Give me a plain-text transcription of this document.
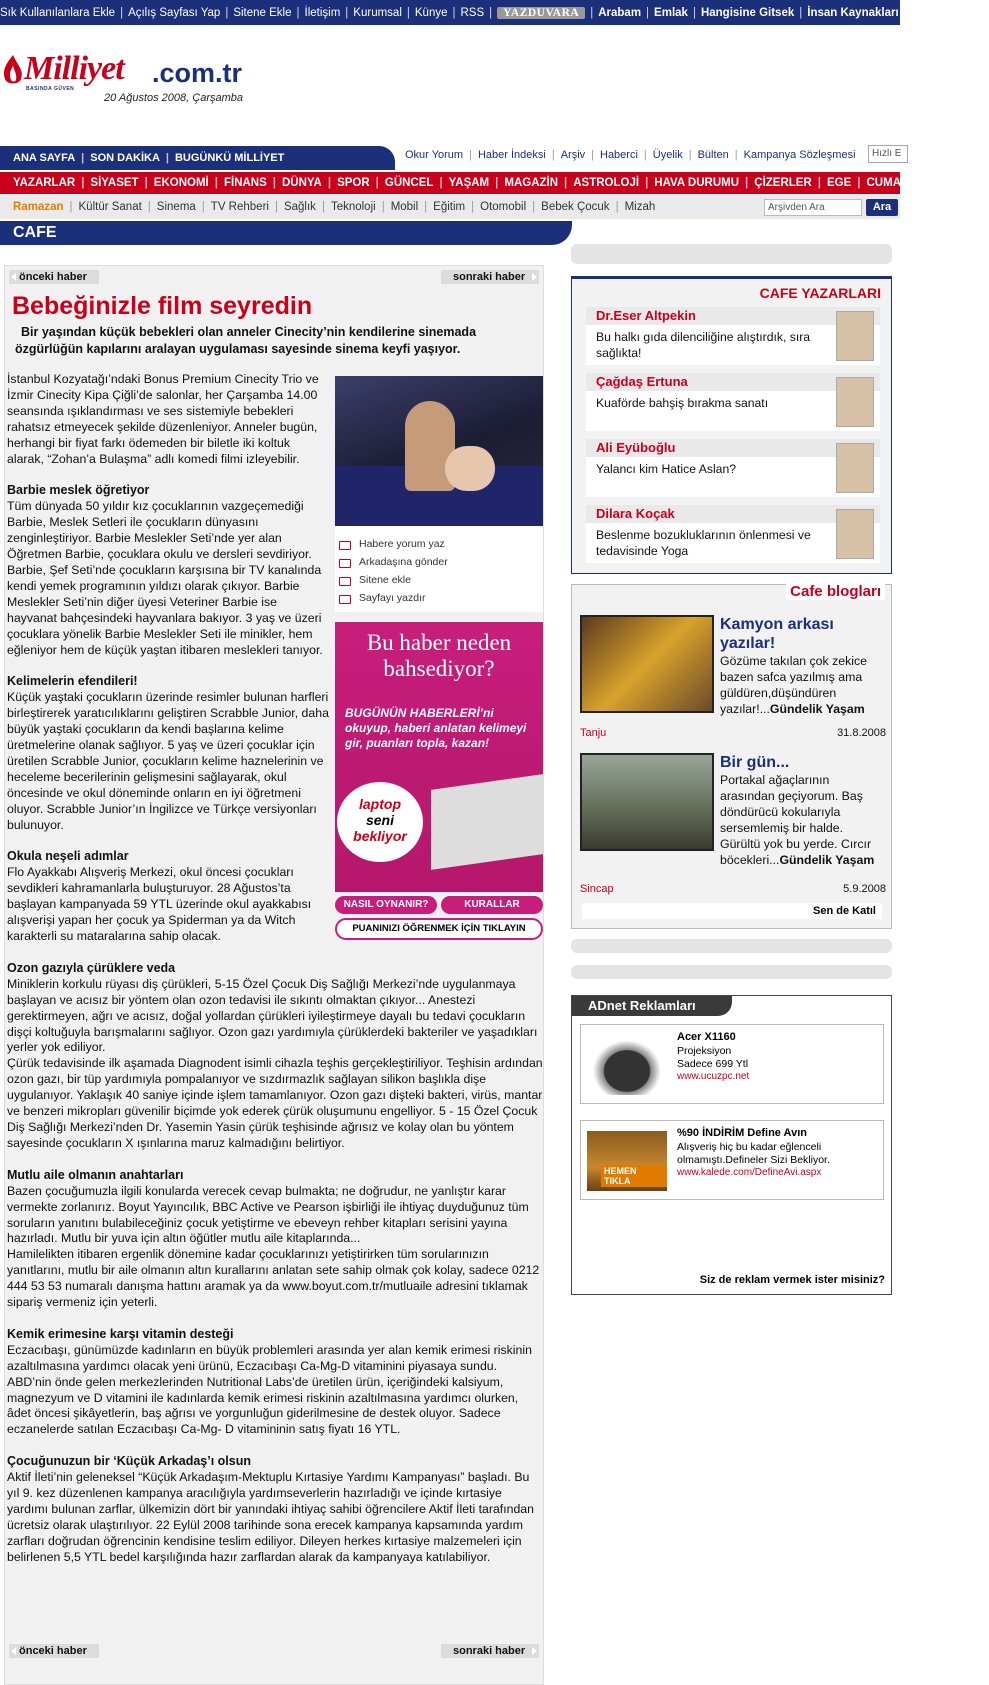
Sık Kullanılanlara Ekle | Açılış Sayfası Yap | Sitene Ekle | İletişim | Kurumsal | Künye | RSS | YAZDUVARA | Arabam | Emlak | Hangisine Gitsek | İnsan Kaynakları | Kobi
Milliyet .com.tr
BASINDA GÜVEN
20 Ağustos 2008, Çarşamba
ANA SAYFA | SON DAKİKA | BUGÜNKÜ MİLLİYET	Okur Yorum | Haber İndeksi | Arşiv | Haberci | Üyelik | Bülten | Kampanya Sözleşmesi	Hızlı E
YAZARLAR | SİYASET | EKONOMİ | FİNANS | DÜNYA | SPOR | GÜNCEL | YAŞAM | MAGAZİN | ASTROLOJİ | HAVA DURUMU | ÇİZERLER | EGE | CUMARTESİ | PAZAR
Ramazan | Kültür Sanat | Sinema | TV Rehberi | Sağlık | Teknoloji | Mobil | Eğitim | Otomobil | Bebek Çocuk | Mizah	Arşivden Ara	Ara
CAFE
önceki haber	sonraki haber
Bebeğinizle film seyredin
Bir yaşından küçük bebekleri olan anneler Cinecity’nin kendilerine sinemada özgürlüğün kapılarını aralayan uygulaması sayesinde sinema keyfi yaşıyor.
Habere yorum yaz
Arkadaşına gönder
Sitene ekle
Sayfayı yazdır
Bu haber neden bahsediyor?
BUGÜNÜN HABERLERİ’ni okuyup, haberi anlatan kelimeyi gir, puanları topla, kazan!
laptop
seni
bekliyor
NASIL OYNANIR?	KURALLAR
PUANINIZI ÖĞRENMEK İÇİN TIKLAYIN

İstanbul Kozyatağı’ndaki Bonus Premium Cinecity Trio ve İzmir Cinecity Kipa Çiğli’de salonlar, her Çarşamba 14.00 seansında ışıklandırması ve ses sistemiyle bebekleri rahatsız etmeyecek şekilde düzenleniyor. Anneler bugün, herhangi bir fiyat farkı ödemeden bir biletle iki koltuk alarak, “Zohan’a Bulaşma” adlı komedi filmi izleyebilir.

Barbie meslek öğretiyor
Tüm dünyada 50 yıldır kız çocuklarının vazgeçemediği Barbie, Meslek Setleri ile çocukların dünyasını zenginleştiriyor. Barbie Meslekler Seti’nde yer alan Öğretmen Barbie, çocuklara okulu ve dersleri sevdiriyor. Barbie, Şef Seti’nde çocukların karşısına bir TV kanalında kendi yemek programının yıldızı olarak çıkıyor. Barbie Meslekler Seti’nin diğer üyesi Veteriner Barbie ise hayvanat bahçesindeki hayvanlara bakıyor. 3 yaş ve üzeri çocuklara yönelik Barbie Meslekler Seti ile minikler, hem eğleniyor hem de küçük yaştan itibaren meslekleri tanıyor.

Kelimelerin efendileri!
Küçük yaştaki çocukların üzerinde resimler bulunan harfleri birleştirerek yaratıcılıklarını geliştiren Scrabble Junior, daha büyük yaştaki çocukların da kendi başlarına kelime üretmelerine olanak sağlıyor. 5 yaş ve üzeri çocuklar için üretilen Scrabble Junior, çocukların kelime haznelerinin ve heceleme becerilerinin gelişmesini sağlayarak, okul öncesinde ve okul döneminde onların en iyi öğretmeni oluyor. Scrabble Junior’ın İngilizce ve Türkçe versiyonları bulunuyor.

Okula neşeli adımlar
Flo Ayakkabı Alışveriş Merkezi, okul öncesi çocukları sevdikleri kahramanlarla buluşturuyor. 28 Ağustos’ta başlayan kampanyada 59 YTL üzerinde okul ayakkabısı alışverişi yapan her çocuk ya Spiderman ya da Witch karakterli su mataralarına sahip olacak.

Ozon gazıyla çürüklere veda
Miniklerin korkulu rüyası diş çürükleri, 5-15 Özel Çocuk Diş Sağlığı Merkezi’nde uygulanmaya başlayan ve acısız bir yöntem olan ozon tedavisi ile sıkıntı olmaktan çıkıyor... Anestezi gerektirmeyen, ağrı ve acısız, doğal yollardan çürükleri iyileştirmeye dayalı bu tedavi çocukların dişçi koltuğuyla barışmalarını sağlıyor. Ozon gazı yardımıyla çürüklerdeki bakteriler ve yaşadıkları yerler yok ediliyor.
Çürük tedavisinde ilk aşamada Diagnodent isimli cihazla teşhis gerçekleştiriliyor. Teşhisin ardından ozon gazı, bir tüp yardımıyla pompalanıyor ve sızdırmazlık sağlayan silikon başlıkla dişe uygulanıyor. Yaklaşık 40 saniye içinde işlem tamamlanıyor. Ozon gazı dişteki bakteri, virüs, mantar ve benzeri mikropları güvenilir biçimde yok ederek çürük oluşumunu engelliyor. 5 - 15 Özel Çocuk Diş Sağlığı Merkezi’nden Dr. Yasemin Yasin çürük teşhisinde ağrısız ve kolay olan bu yöntem sayesinde çocukların X ışınlarına maruz kalmadığını belirtiyor.

Mutlu aile olmanın anahtarları
Bazen çocuğumuzla ilgili konularda verecek cevap bulmakta; ne doğrudur, ne yanlıştır karar vermekte zorlanırız. Boyut Yayıncılık, BBC Active ve Pearson işbirliği ile ihtiyaç duyduğunuz tüm soruların yanıtını bulabileceğiniz çocuk yetiştirme ve ebeveyn rehber kitapları serisini yayına hazırladı. Mutlu bir yuva için altın öğütler mutlu aile kitaplarında...
Hamilelikten itibaren ergenlik dönemine kadar çocuklarınızı yetiştirirken tüm sorularınızın yanıtlarını, mutlu bir aile olmanın altın kurallarını anlatan sete sahip olmak çok kolay, sadece 0212 444 53 53 numaralı danışma hattını aramak ya da www.boyut.com.tr/mutluaile adresini tıklamak sipariş vermeniz için yeterli.

Kemik erimesine karşı vitamin desteği
Eczacıbaşı, günümüzde kadınların en büyük problemleri arasında yer alan kemik erimesi riskinin azaltılmasına yardımcı olacak yeni ürünü, Eczacıbaşı Ca-Mg-D vitaminini piyasaya sundu. ABD’nin önde gelen merkezlerinden Nutritional Labs’de üretilen ürün, içeriğindeki kalsiyum, magnezyum ve D vitamini ile kadınlarda kemik erimesi riskinin azaltılmasına yardımcı olurken, âdet öncesi şikâyetlerin, baş ağrısı ve yorgunluğun giderilmesine de destek oluyor. Sadece eczanelerde satılan Eczacıbaşı Ca-Mg- D vitamininin satış fiyatı 16 YTL.

Çocuğunuzun bir ‘Küçük Arkadaş’ı olsun
Aktif İleti’nin geleneksel “Küçük Arkadaşım-Mektuplu Kırtasiye Yardımı Kampanyası” başladı. Bu yıl 9. kez düzenlenen kampanya aracılığıyla yardımseverlerin hazırladığı ve içinde kırtasiye yardımı bulunan zarflar, ülkemizin dört bir yanındaki ihtiyaç sahibi öğrencilere Aktif İleti tarafından ücretsiz olarak ulaştırılıyor. 22 Eylül 2008 tarihinde sona erecek kampanya kapsamında yardım zarfları doğrudan öğrencinin kendisine teslim ediliyor. Dileyen herkes kırtasiye malzemeleri için belirlenen 5,5 YTL bedel karşılığında hazır zarflardan alarak da kampanyaya katılabiliyor.

önceki haber	sonraki haber
CAFE YAZARLARI
Dr.Eser Altpekin
Bu halkı gıda dilenciliğine alıştırdık, sıra sağlıkta!
Çağdaş Ertuna
Kuaförde bahşiş bırakma sanatı
Ali Eyüboğlu
Yalancı kim Hatice Aslan?
Dilara Koçak
Beslenme bozukluklarının önlenmesi ve tedavisinde Yoga
Cafe blogları
Sen de Katıl
Kamyon arkası yazılar!
Gözüme takılan çok zekice bazen safca yazılmış ama güldüren,düşündüren yazılar!...Gündelik Yaşam
Tanju	31.8.2008
Bir gün...
Portakal ağaçlarının arasından geçiyorum. Baş döndürücü kokularıyla sersemlemiş bir halde. Gürültü yok bu yerde. Cırcır böcekleri...Gündelik Yaşam
Sincap	5.9.2008
ADnet Reklamları
Siz de reklam vermek ister misiniz?
Acer X1160
Projeksiyon
Sadece 699 Ytl
www.ucuzpc.net
HEMEN TIKLA
%90 İNDİRİM Define Avın
Alışveriş hiç bu kadar eğlenceli olmamıştı.Defineler Sizi Bekliyor.
www.kalede.com/DefineAvi.aspx
